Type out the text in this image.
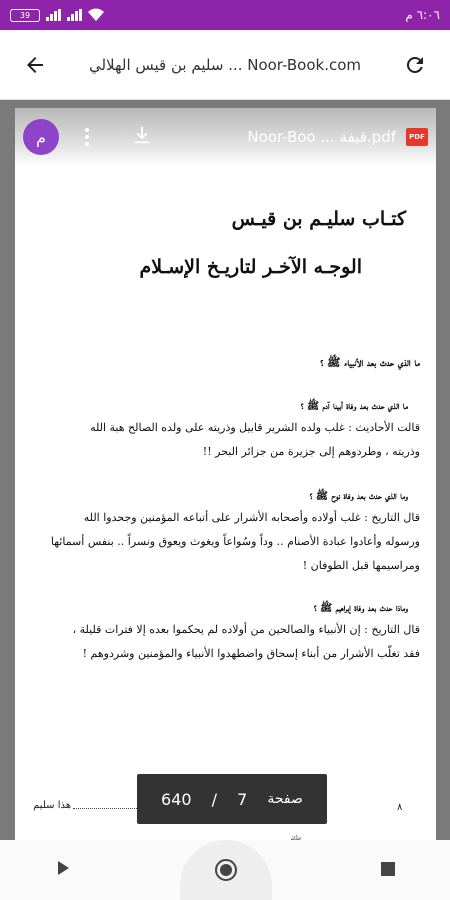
39	٦:٠٦ م
سليم بن قيس الهلالي ... Noor-Book.com
كتـاب سليـم بن قيـس
الوجـه الآخـر لتاريـخ الإسـلام
ما الذي حدث بعد الأنبياء ﷺ ؟
ما الذي حدث بعد وفاة أبينا آدم ﷺ ؟
قالت الأحاديث : غلب ولده الشرير قابيل وذريته على ولده الصالح هبة الله
وذريته ، وطردوهم إلى جزيرة من جزائر البحر !!
وما الذي حدث بعد وفاة نوح ﷺ ؟
قال التاريخ : غلب أولاده وأصحابه الأشرار على أتباعه المؤمنين وجحدوا الله
ورسوله وأعادوا عبادة الأصنام .. وداً وسُواعاً ويغوث ويعوق ونسراً .. بنفس أسمائها
ومراسيمها قبل الطوفان !
وماذا حدث بعد وفاة إبراهيم ﷺ ؟
قال التاريخ : إن الأنبياء والصالحين من أولاده لم يحكموا بعده إلا فترات قليلة ،
فقد تغلّب الأشرار من أبناء إسحاق واضطهدوا الأنبياء والمؤمنين وشردوهم !
٨
هذا سليم
م	Noor-Boo ... قيفة.pdf	PDF
640 / 7 صفحة
